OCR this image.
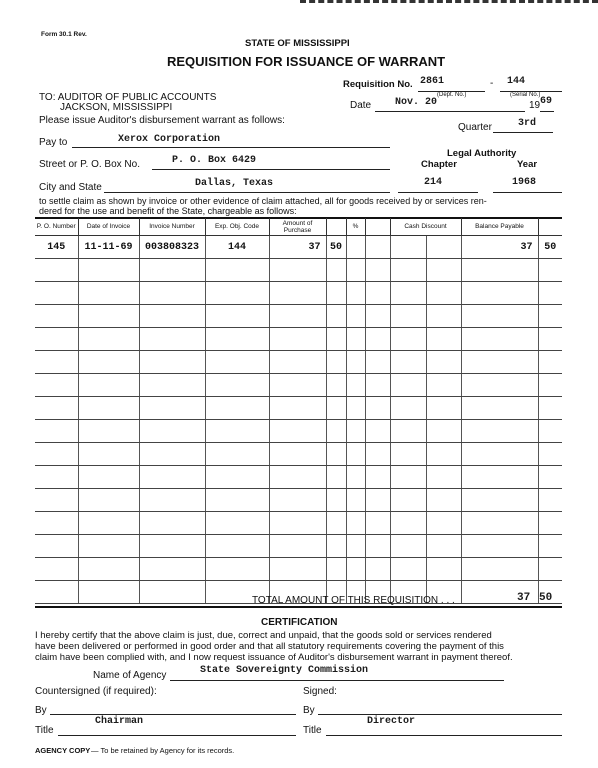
Form 30.1 Rev.
STATE OF MISSISSIPPI
REQUISITION FOR ISSUANCE OF WARRANT
Requisition No. 2861	- 144
(Dept. No.)	(Serial No.)
TO: AUDITOR OF PUBLIC ACCOUNTS
JACKSON, MISSISSIPPI
Please issue Auditor's disbursement warrant as follows:
Date Nov. 20	19 69
Quarter	3rd
Pay to	Xerox Corporation
Legal Authority
Chapter	Year
Street or P. O. Box No.	P. O. Box 6429
City and State	Dallas, Texas	214	1968
to settle claim as shown by invoice or other evidence of claim attached, all for goods received by or services ren-
dered for the use and benefit of the State, chargeable as follows:
P. O. Number	Date of Invoice	Invoice Number	Exp. Obj. Code	Amount of Purchase		%		Cash Discount		Balance Payable	
145	11-11-69	003808323	144	37	50					37	50

TOTAL AMOUNT OF THIS REQUISITION . . .	37 50
CERTIFICATION
I hereby certify that the above claim is just, due, correct and unpaid, that the goods sold or services rendered
have been delivered or performed in good order and that all statutory requirements covering the payment of this
claim have been complied with, and I now request issuance of Auditor's disbursement warrant in payment thereof.
Name of Agency	State Sovereignty Commission
Countersigned (if required):	Signed:
By	By
Title
Chairman
Title
Director
AGENCY COPY — To be retained by Agency for its records.
